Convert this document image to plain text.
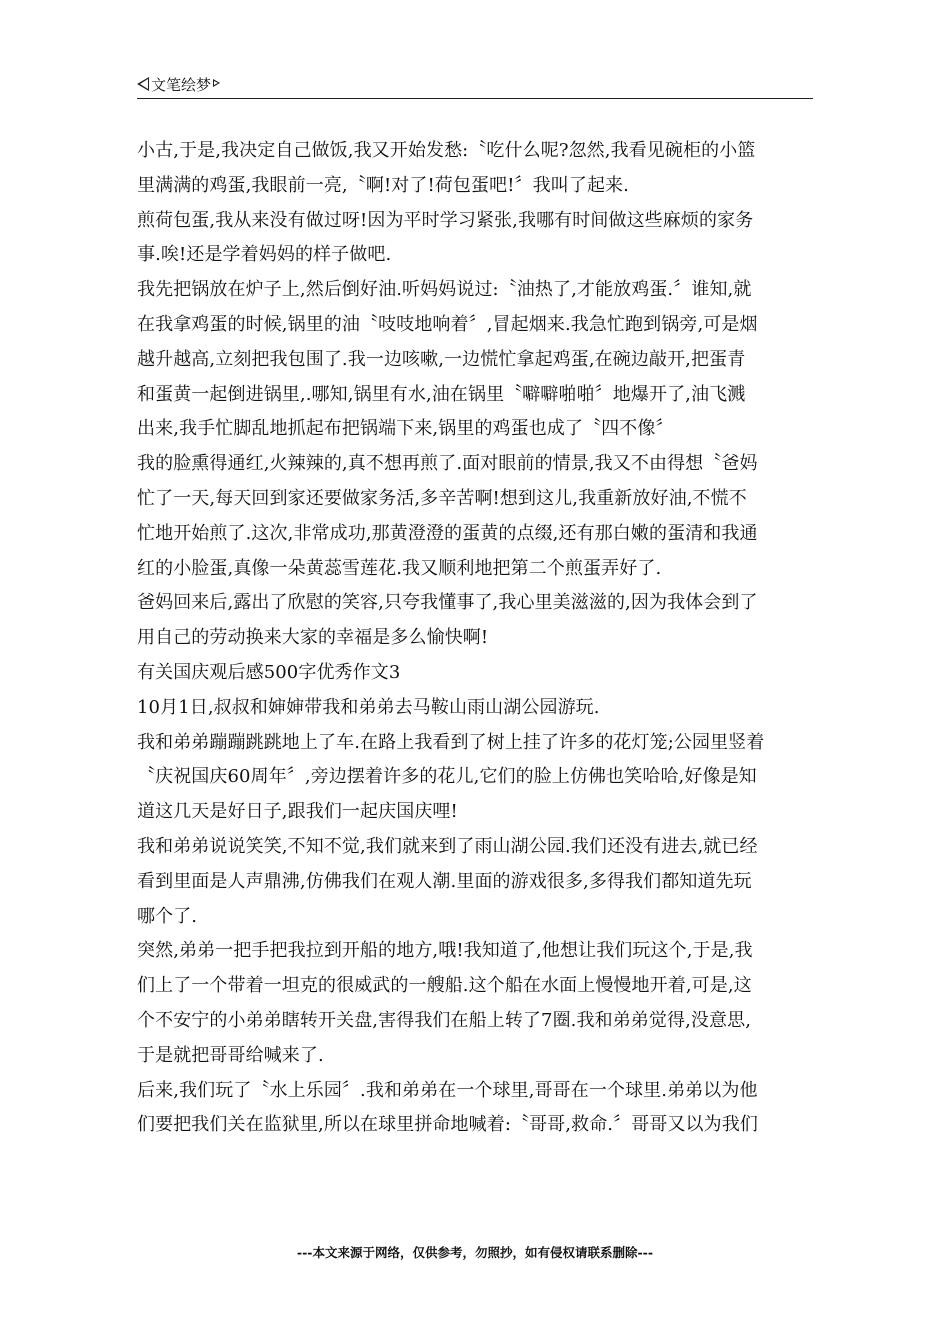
文笔绘梦
小古,于是,我决定自己做饭,我又开始发愁:〝吃什么呢?忽然,我看见碗柜的小篮
里满满的鸡蛋,我眼前一亮,〝啊!对了!荷包蛋吧!〞我叫了起来.
煎荷包蛋,我从来没有做过呀!因为平时学习紧张,我哪有时间做这些麻烦的家务
事.唉!还是学着妈妈的样子做吧.
我先把锅放在炉子上,然后倒好油.听妈妈说过:〝油热了,才能放鸡蛋.〞谁知,就
在我拿鸡蛋的时候,锅里的油〝吱吱地响着〞,冒起烟来.我急忙跑到锅旁,可是烟
越升越高,立刻把我包围了.我一边咳嗽,一边慌忙拿起鸡蛋,在碗边敲开,把蛋青
和蛋黄一起倒进锅里,.哪知,锅里有水,油在锅里〝噼噼啪啪〞地爆开了,油飞溅
出来,我手忙脚乱地抓起布把锅端下来,锅里的鸡蛋也成了〝四不像〞
我的脸熏得通红,火辣辣的,真不想再煎了.面对眼前的情景,我又不由得想〝爸妈
忙了一天,每天回到家还要做家务活,多辛苦啊!想到这儿,我重新放好油,不慌不
忙地开始煎了.这次,非常成功,那黄澄澄的蛋黄的点缀,还有那白嫩的蛋清和我通
红的小脸蛋,真像一朵黄蕊雪莲花.我又顺利地把第二个煎蛋弄好了.
爸妈回来后,露出了欣慰的笑容,只夸我懂事了,我心里美滋滋的,因为我体会到了
用自己的劳动换来大家的幸福是多么愉快啊!
有关国庆观后感500字优秀作文3
10月1日,叔叔和婶婶带我和弟弟去马鞍山雨山湖公园游玩.
我和弟弟蹦蹦跳跳地上了车.在路上我看到了树上挂了许多的花灯笼;公园里竖着
〝庆祝国庆60周年〞,旁边摆着许多的花儿,它们的脸上仿佛也笑哈哈,好像是知
道这几天是好日子,跟我们一起庆国庆哩!
我和弟弟说说笑笑,不知不觉,我们就来到了雨山湖公园.我们还没有进去,就已经
看到里面是人声鼎沸,仿佛我们在观人潮.里面的游戏很多,多得我们都知道先玩
哪个了.
突然,弟弟一把手把我拉到开船的地方,哦!我知道了,他想让我们玩这个,于是,我
们上了一个带着一坦克的很威武的一艘船.这个船在水面上慢慢地开着,可是,这
个不安宁的小弟弟瞎转开关盘,害得我们在船上转了7圈.我和弟弟觉得,没意思,
于是就把哥哥给喊来了.
后来,我们玩了〝水上乐园〞.我和弟弟在一个球里,哥哥在一个球里.弟弟以为他
们要把我们关在监狱里,所以在球里拼命地喊着:〝哥哥,救命.〞哥哥又以为我们
---本文来源于网络，仅供参考，勿照抄，如有侵权请联系删除---
